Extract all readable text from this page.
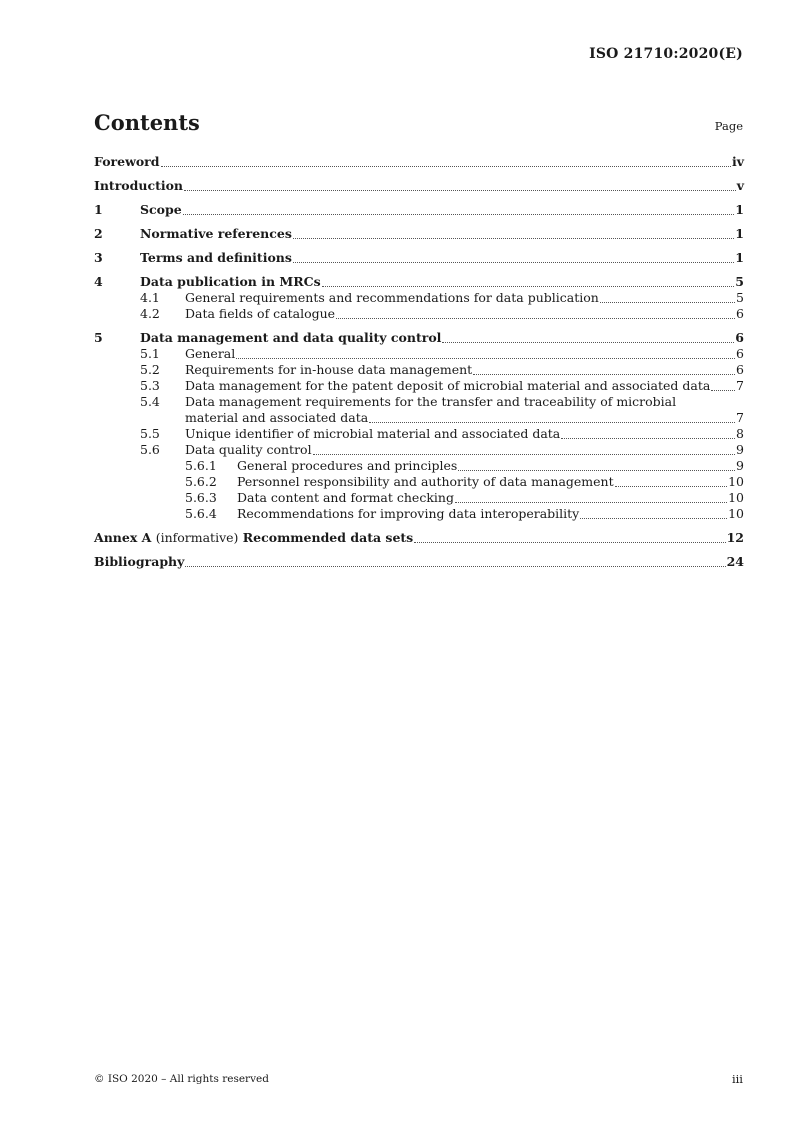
ISO 21710:2020(E)
Contents	Page
Foreword	iv
Introduction	v
1	Scope	1
2	Normative references	1
3	Terms and definitions	1
4	Data publication in MRCs	5
4.1	General requirements and recommendations for data publication	5
4.2	Data fields of catalogue	6
5	Data management and data quality control	6
5.1	General	6
5.2	Requirements for in-house data management	6
5.3	Data management for the patent deposit of microbial material and associated data 7
5.4	Data management requirements for the transfer and traceability of microbial
material and associated data	7
5.5	Unique identifier of microbial material and associated data	8
5.6	Data quality control	9
5.6.1	General procedures and principles	9
5.6.2	Personnel responsibility and authority of data management	10
5.6.3	Data content and format checking	10
5.6.4	Recommendations for improving data interoperability	10
Annex A (informative) Recommended data sets	12
Bibliography	24
© ISO 2020 – All rights reserved	iii
